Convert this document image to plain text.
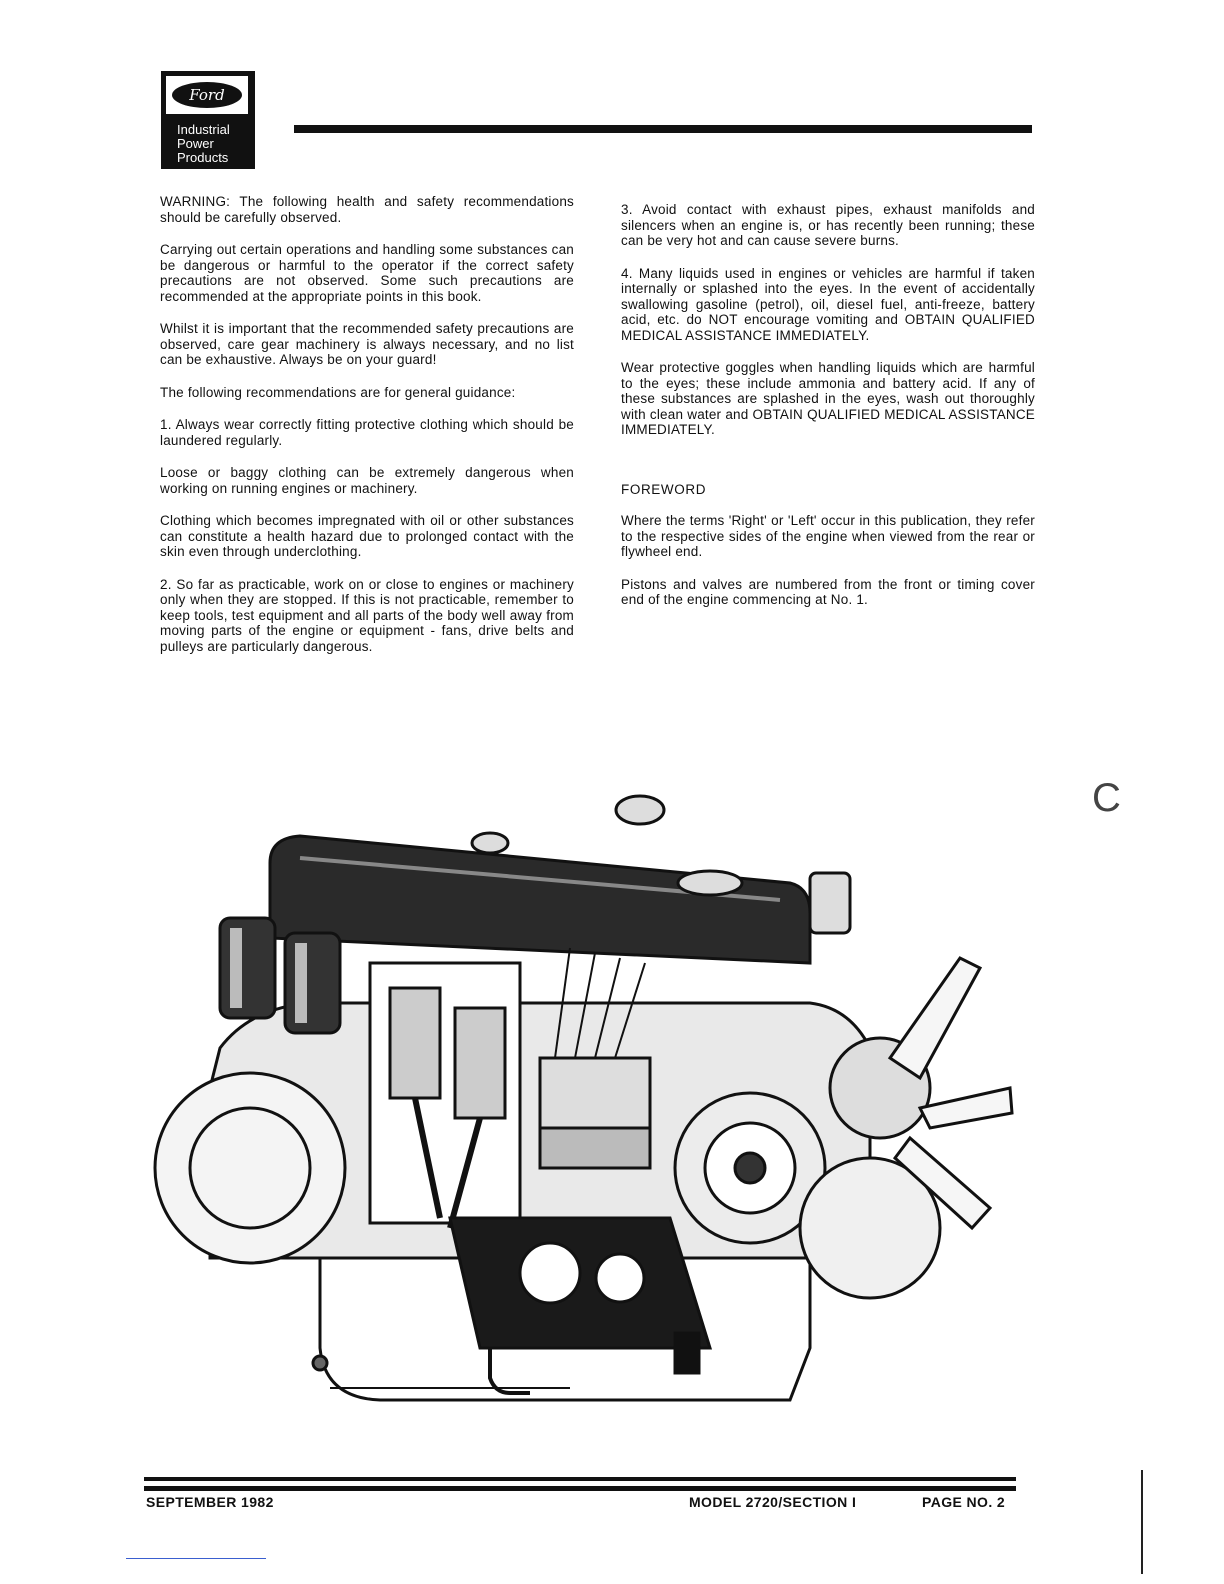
Ford
Industrial
Power
Products

WARNING: The following health and safety recommendations should be carefully observed.

Carrying out certain operations and handling some substances can be dangerous or harmful to the operator if the correct safety precautions are not observed. Some such precautions are recommended at the appropriate points in this book.

Whilst it is important that the recommended safety precautions are observed, care gear machinery is always necessary, and no list can be exhaustive. Always be on your guard!

The following recommendations are for general guidance:

1. Always wear correctly fitting protective clothing which should be laundered regularly.

Loose or baggy clothing can be extremely dangerous when working on running engines or machinery.

Clothing which becomes impregnated with oil or other substances can constitute a health hazard due to prolonged contact with the skin even through underclothing.

2. So far as practicable, work on or close to engines or machinery only when they are stopped. If this is not practicable, remember to keep tools, test equipment and all parts of the body well away from moving parts of the engine or equipment - fans, drive belts and pulleys are particularly dangerous.

3. Avoid contact with exhaust pipes, exhaust manifolds and silencers when an engine is, or has recently been running; these can be very hot and can cause severe burns.

4. Many liquids used in engines or vehicles are harmful if taken internally or splashed into the eyes. In the event of accidentally swallowing gasoline (petrol), oil, diesel fuel, anti-freeze, battery acid, etc. do NOT encourage vomiting and OBTAIN QUALIFIED MEDICAL ASSISTANCE IMMEDIATELY.

Wear protective goggles when handling liquids which are harmful to the eyes; these include ammonia and battery acid. If any of these substances are splashed in the eyes, wash out thoroughly with clean water and OBTAIN QUALIFIED MEDICAL ASSISTANCE IMMEDIATELY.

FOREWORD

Where the terms 'Right' or 'Left' occur in this publication, they refer to the respective sides of the engine when viewed from the rear or flywheel end.

Pistons and valves are numbered from the front or timing cover end of the engine commencing at No. 1.

C
SEPTEMBER 1982	MODEL 2720/SECTION I	PAGE NO. 2
